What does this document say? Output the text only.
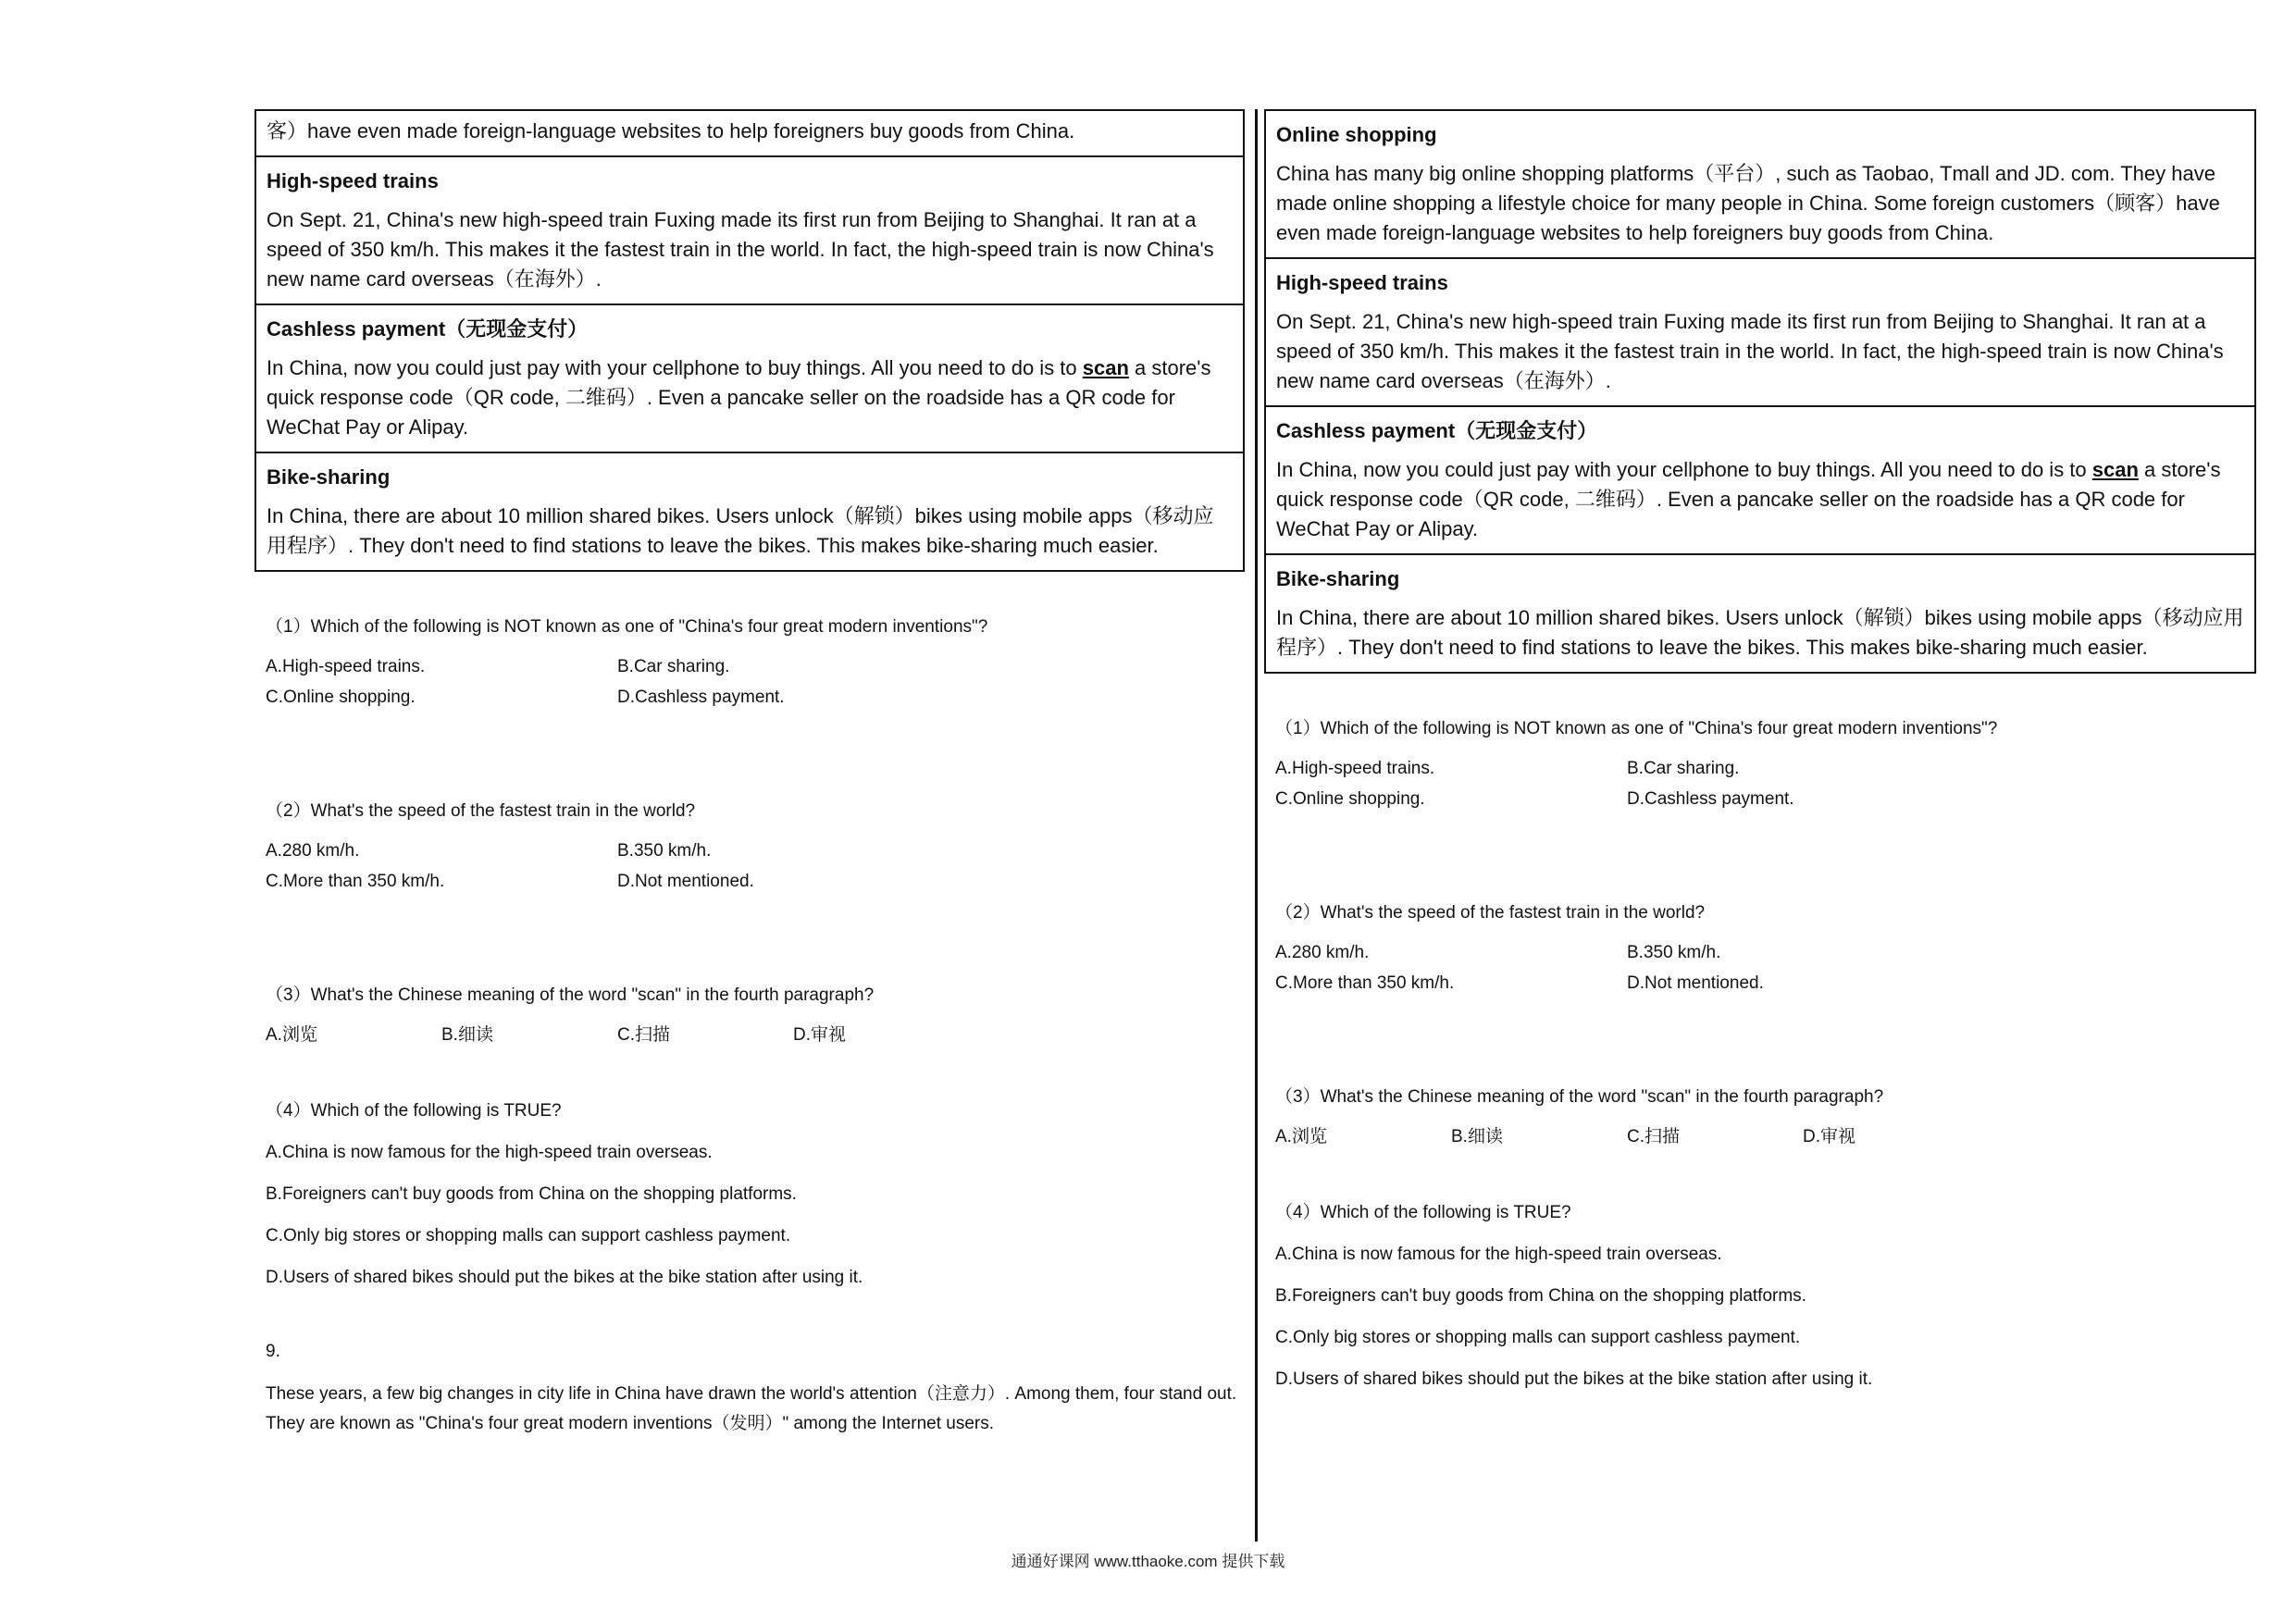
客）have even made foreign-language websites to help foreigners buy goods from China.
High-speed trains
On Sept. 21, China's new high-speed train Fuxing made its first run from Beijing to Shanghai. It ran at a speed of 350 km/h. This makes it the fastest train in the world. In fact, the high-speed train is now China's new name card overseas（在海外）.
Cashless payment（无现金支付）
In China, now you could just pay with your cellphone to buy things. All you need to do is to scan a store's quick response code（QR code, 二维码）. Even a pancake seller on the roadside has a QR code for WeChat Pay or Alipay.
Bike-sharing
In China, there are about 10 million shared bikes. Users unlock（解锁）bikes using mobile apps（移动应用程序）. They don't need to find stations to leave the bikes. This makes bike-sharing much easier.
（1）Which of the following is NOT known as one of "China's four great modern inventions"?
A.High-speed trains.	B.Car sharing.
C.Online shopping.	D.Cashless payment.
（2）What's the speed of the fastest train in the world?
A.280 km/h.	B.350 km/h.
C.More than 350 km/h.	D.Not mentioned.
（3）What's the Chinese meaning of the word "scan" in the fourth paragraph?
A.浏览	B.细读	C.扫描	D.审视
（4）Which of the following is TRUE?
A.China is now famous for the high-speed train overseas.
B.Foreigners can't buy goods from China on the shopping platforms.
C.Only big stores or shopping malls can support cashless payment.
D.Users of shared bikes should put the bikes at the bike station after using it.
9.
These years, a few big changes in city life in China have drawn the world's attention（注意力）. Among them, four stand out. They are known as "China's four great modern inventions（发明）" among the Internet users.
Online shopping
China has many big online shopping platforms（平台）, such as Taobao, Tmall and JD. com. They have made online shopping a lifestyle choice for many people in China. Some foreign customers（顾客）have even made foreign-language websites to help foreigners buy goods from China.
High-speed trains
On Sept. 21, China's new high-speed train Fuxing made its first run from Beijing to Shanghai. It ran at a speed of 350 km/h. This makes it the fastest train in the world. In fact, the high-speed train is now China's new name card overseas（在海外）.
Cashless payment（无现金支付）
In China, now you could just pay with your cellphone to buy things. All you need to do is to scan a store's quick response code（QR code, 二维码）. Even a pancake seller on the roadside has a QR code for WeChat Pay or Alipay.
Bike-sharing
In China, there are about 10 million shared bikes. Users unlock（解锁）bikes using mobile apps（移动应用程序）. They don't need to find stations to leave the bikes. This makes bike-sharing much easier.
（1）Which of the following is NOT known as one of "China's four great modern inventions"?
A.High-speed trains.	B.Car sharing.
C.Online shopping.	D.Cashless payment.
（2）What's the speed of the fastest train in the world?
A.280 km/h.	B.350 km/h.
C.More than 350 km/h.	D.Not mentioned.
（3）What's the Chinese meaning of the word "scan" in the fourth paragraph?
A.浏览	B.细读	C.扫描	D.审视
（4）Which of the following is TRUE?
A.China is now famous for the high-speed train overseas.
B.Foreigners can't buy goods from China on the shopping platforms.
C.Only big stores or shopping malls can support cashless payment.
D.Users of shared bikes should put the bikes at the bike station after using it.
通通好课网 www.tthaoke.com 提供下载
